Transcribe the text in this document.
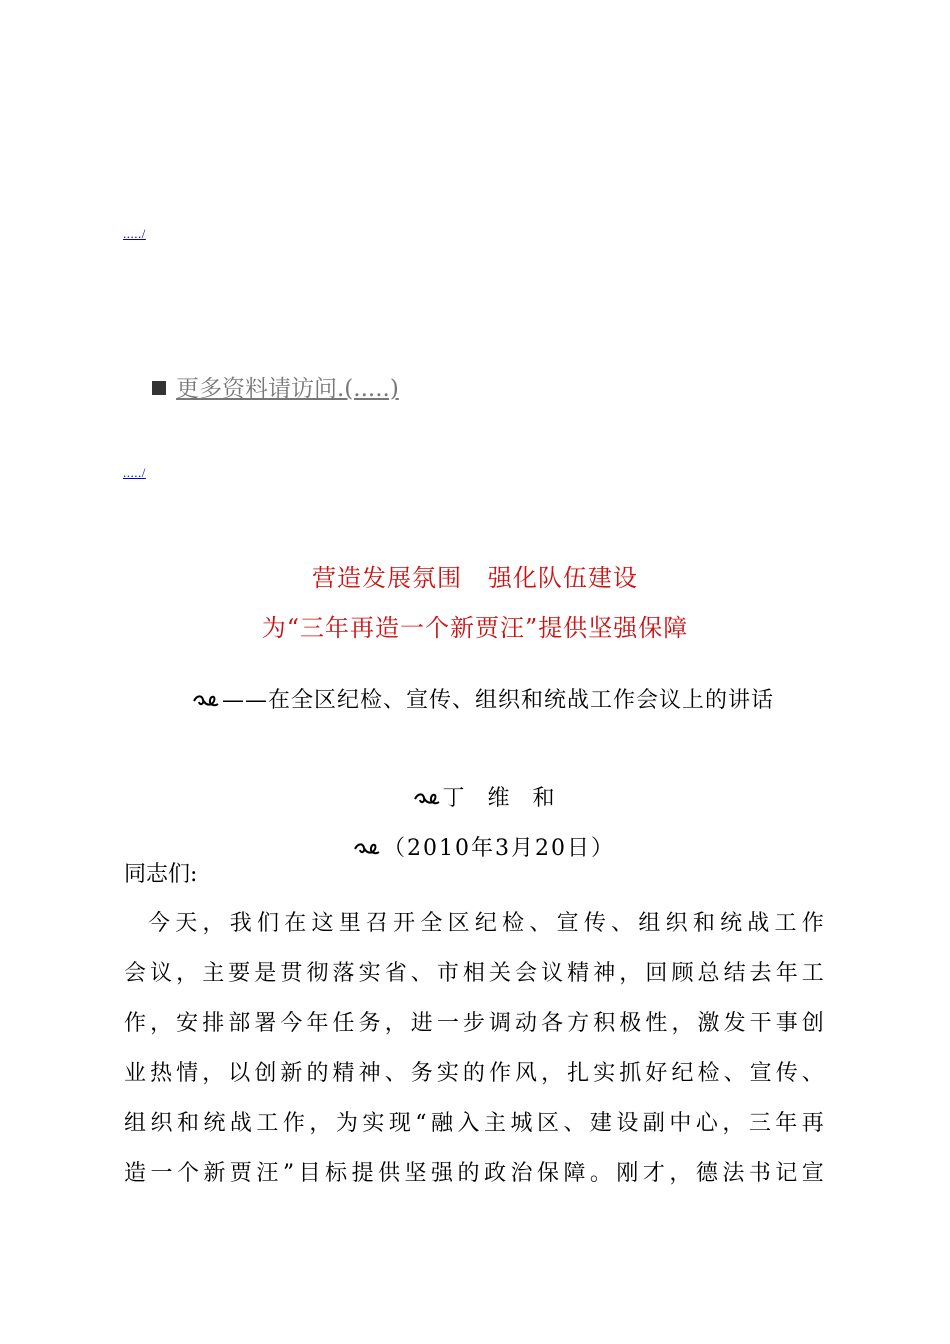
...../
更多资料请访问.(.....)
...../
营造发展氛围   强化队伍建设
为“三年再造一个新贾汪”提供坚强保障

——在全区纪检、宣传、组织和统战工作会议上的讲话

丁  维  和

（2010年3月20日）

同志们:
今天，我们在这里召开全区纪检、宣传、组织和统战工作
会议，主要是贯彻落实省、市相关会议精神，回顾总结去年工
作，安排部署今年任务，进一步调动各方积极性，激发干事创
业热情，以创新的精神、务实的作风，扎实抓好纪检、宣传、
组织和统战工作，为实现“融入主城区、建设副中心，三年再
造一个新贾汪”目标提供坚强的政治保障。刚才，德法书记宣
